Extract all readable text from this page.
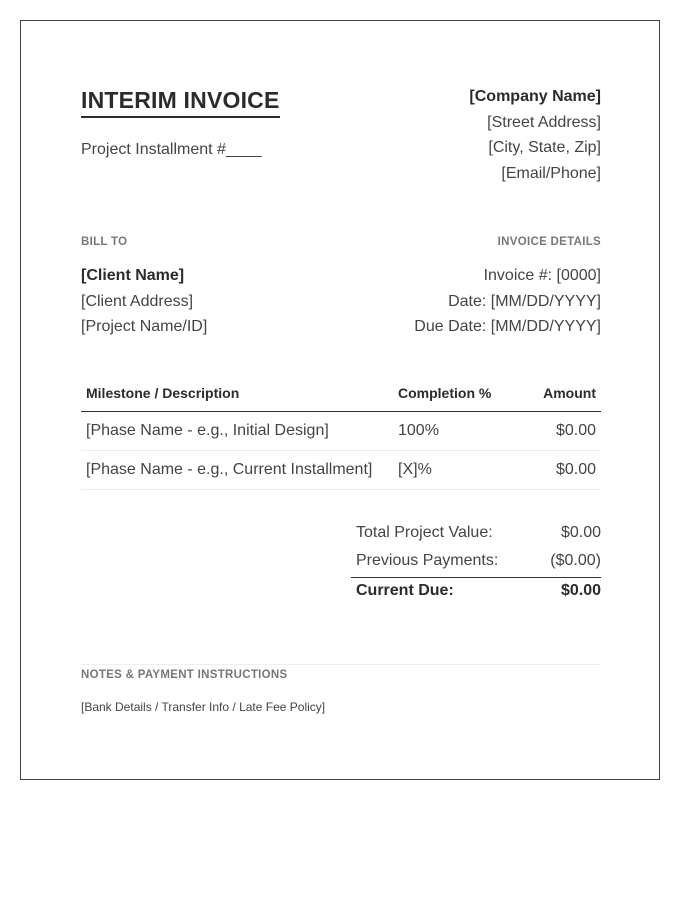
INTERIM INVOICE
Project Installment #____
[Company Name]
[Street Address]
[City, State, Zip]
[Email/Phone]
BILL TO
[Client Name]
[Client Address]
[Project Name/ID]
INVOICE DETAILS
Invoice #: [0000]
Date: [MM/DD/YYYY]
Due Date: [MM/DD/YYYY]
Milestone / Description	Completion %	Amount
[Phase Name - e.g., Initial Design]	100%	$0.00
[Phase Name - e.g., Current Installment]	[X]%	$0.00
Total Project Value:	$0.00
Previous Payments:	($0.00)
Current Due:	$0.00
NOTES & PAYMENT INSTRUCTIONS
[Bank Details / Transfer Info / Late Fee Policy]
